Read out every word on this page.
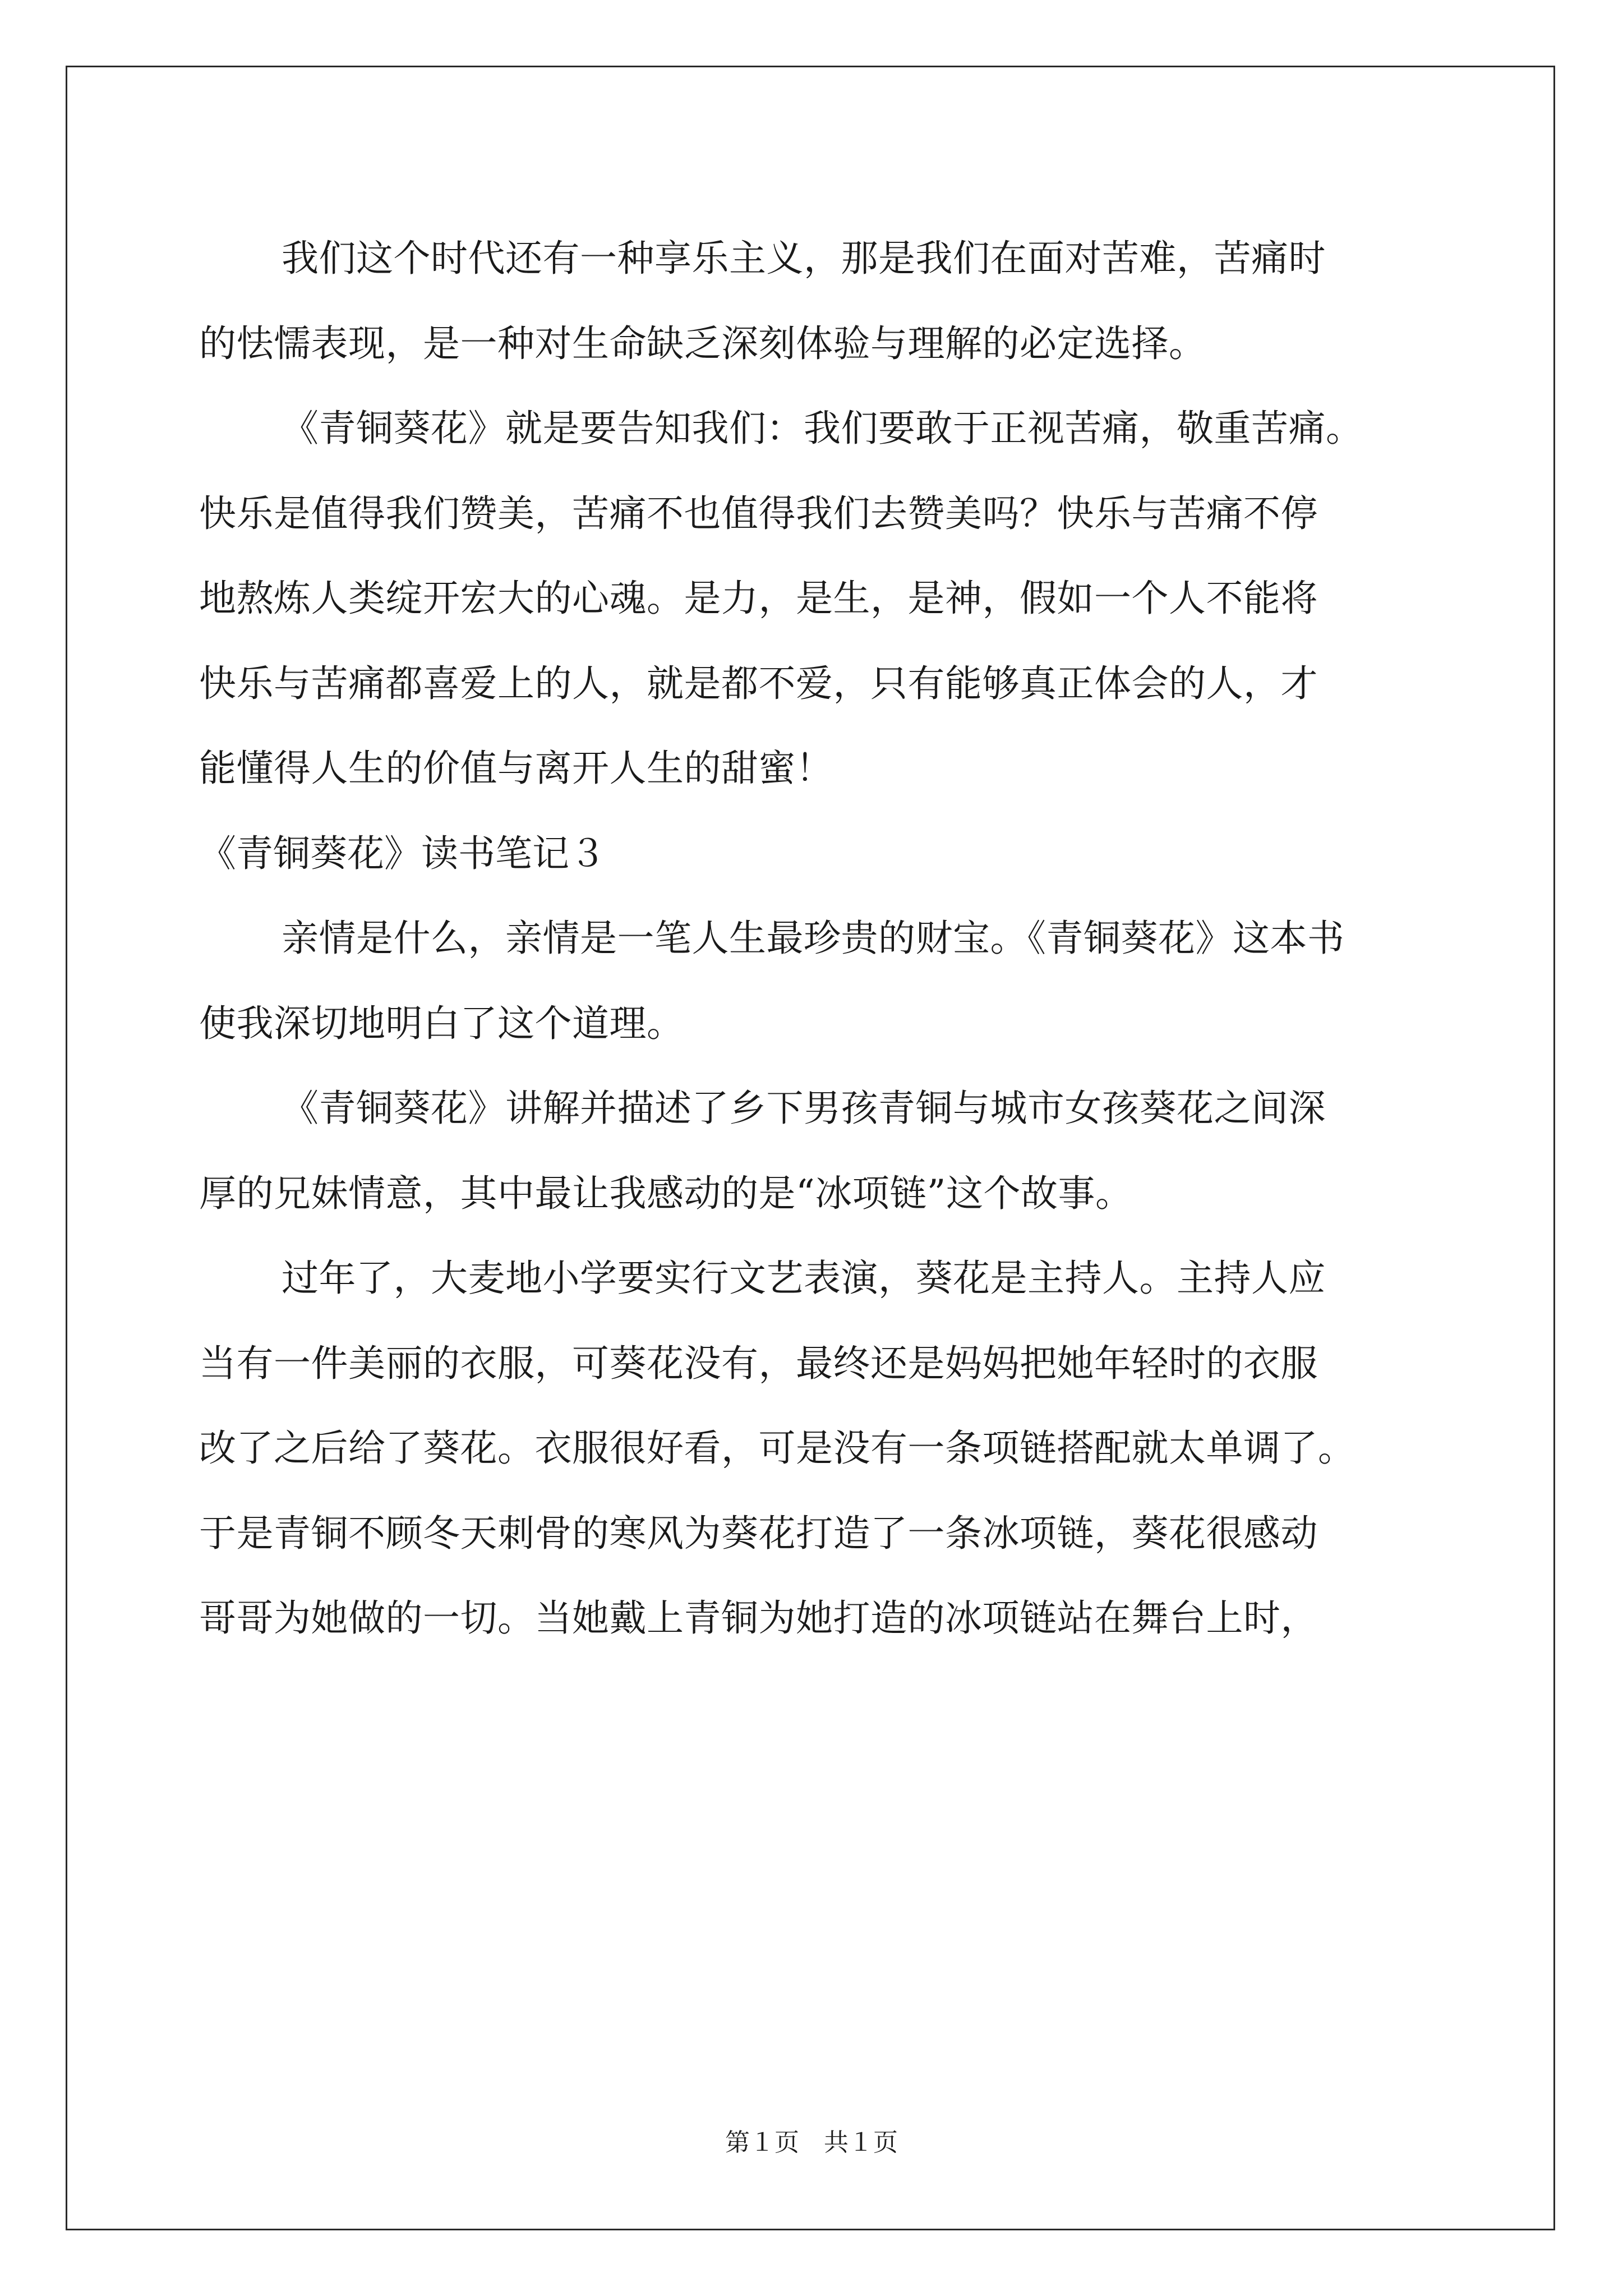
我们这个时代还有一种享乐主义，那是我们在面对苦难，苦痛时
的怯懦表现，是一种对生命缺乏深刻体验与理解的必定选择。
《青铜葵花》就是要告知我们：我们要敢于正视苦痛，敬重苦痛。
快乐是值得我们赞美，苦痛不也值得我们去赞美吗？快乐与苦痛不停
地熬炼人类绽开宏大的心魂。是力，是生，是神，假如一个人不能将
快乐与苦痛都喜爱上的人，就是都不爱，只有能够真正体会的人，才
能懂得人生的价值与离开人生的甜蜜！
《青铜葵花》读书笔记３
亲情是什么，亲情是一笔人生最珍贵的财宝。《青铜葵花》这本书
使我深切地明白了这个道理。
《青铜葵花》讲解并描述了乡下男孩青铜与城市女孩葵花之间深
厚的兄妹情意，其中最让我感动的是“冰项链”这个故事。
过年了，大麦地小学要实行文艺表演，葵花是主持人。主持人应
当有一件美丽的衣服，可葵花没有，最终还是妈妈把她年轻时的衣服
改了之后给了葵花。衣服很好看，可是没有一条项链搭配就太单调了。
于是青铜不顾冬天刺骨的寒风为葵花打造了一条冰项链，葵花很感动
哥哥为她做的一切。当她戴上青铜为她打造的冰项链站在舞台上时，
第１页　共１页
